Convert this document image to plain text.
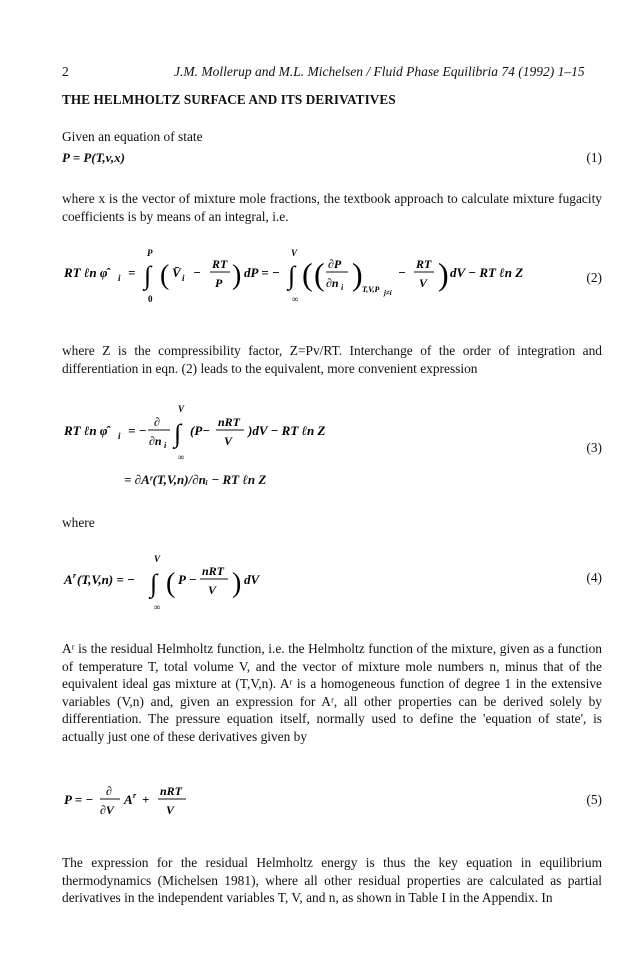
2	J.M. Mollerup and M.L. Michelsen / Fluid Phase Equilibria 74 (1992) 1–15
THE HELMHOLTZ SURFACE AND ITS DERIVATIVES
Given an equation of state
P = P(T,v,x)	(1)
where x is the vector of mixture mole fractions, the textbook approach to calculate mixture fugacity coefficients is by means of an integral, i.e.
RT ℓn φ̂	i = ∫
P
0
( V̄ i −
RT
P ) dP = − ∫
V
∞
( ( ∂P
∂n i ) T,V,P j≠i
−
RT
V ) dV − RT ℓn Z	(2)
where Z is the compressibility factor, Z=Pv/RT. Interchange of the order of integration and differentiation in eqn. (2) leads to the equivalent, more convenient expression
RT ℓn φ̂	i = −
∂
∂n i ∫
V
∞
(P−
nRT
V
)dV − RT ℓn Z
= ∂Aʳ(T,V,n)/∂nᵢ − RT ℓn Z
(3)
where
A r (T,V,n) = − ∫
V
∞
( P −
nRT
V ) dV	(4)
Aʳ is the residual Helmholtz function, i.e. the Helmholtz function of the mixture, given as a function of temperature T, total volume V, and the vector of mixture mole numbers n, minus that of the equivalent ideal gas mixture at (T,V,n). Aʳ is a homogeneous function of degree 1 in the extensive variables (V,n) and, given an expression for Aʳ, all other properties can be derived solely by differentiation. The pressure equation itself, normally used to define the 'equation of state', is actually just one of these derivatives given by
P = −
∂
∂V
A r +
nRT
V
(5)
The expression for the residual Helmholtz energy is thus the key equation in equilibrium thermodynamics (Michelsen 1981), where all other residual properties are calculated as partial derivatives in the independent variables T, V, and n, as shown in Table I in the Appendix. In
